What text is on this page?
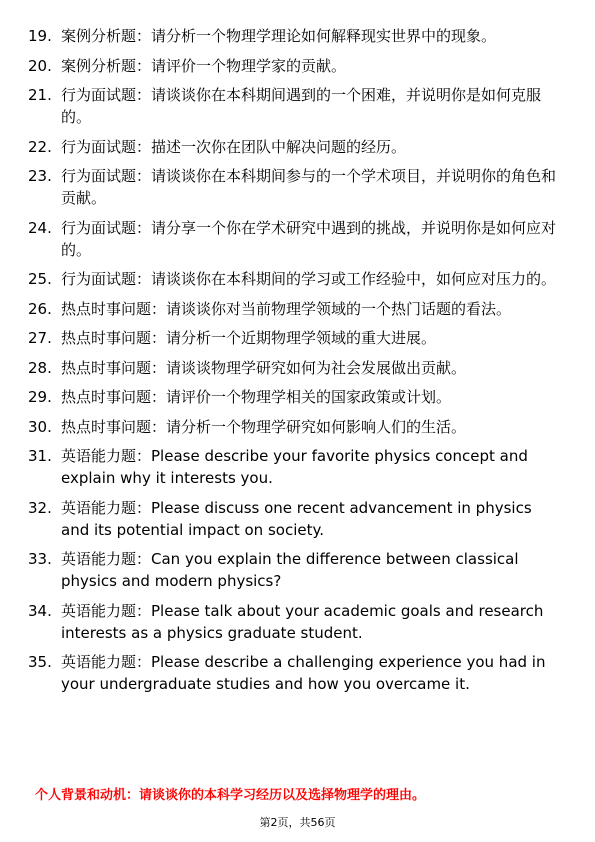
19. 案例分析题：请分析一个物理学理论如何解释现实世界中的现象。
20. 案例分析题：请评价一个物理学家的贡献。
21. 行为面试题：请谈谈你在本科期间遇到的一个困难，并说明你是如何克服的。
22. 行为面试题：描述一次你在团队中解决问题的经历。
23. 行为面试题：请谈谈你在本科期间参与的一个学术项目，并说明你的角色和贡献。
24. 行为面试题：请分享一个你在学术研究中遇到的挑战，并说明你是如何应对的。
25. 行为面试题：请谈谈你在本科期间的学习或工作经验中，如何应对压力的。
26. 热点时事问题：请谈谈你对当前物理学领域的一个热门话题的看法。
27. 热点时事问题：请分析一个近期物理学领域的重大进展。
28. 热点时事问题：请谈谈物理学研究如何为社会发展做出贡献。
29. 热点时事问题：请评价一个物理学相关的国家政策或计划。
30. 热点时事问题：请分析一个物理学研究如何影响人们的生活。
31. 英语能力题：Please describe your favorite physics concept and explain why it interests you.
32. 英语能力题：Please discuss one recent advancement in physics and its potential impact on society.
33. 英语能力题：Can you explain the difference between classical physics and modern physics?
34. 英语能力题：Please talk about your academic goals and research interests as a physics graduate student.
35. 英语能力题：Please describe a challenging experience you had in your undergraduate studies and how you overcame it.
个人背景和动机：请谈谈你的本科学习经历以及选择物理学的理由。
第2页，共56页
